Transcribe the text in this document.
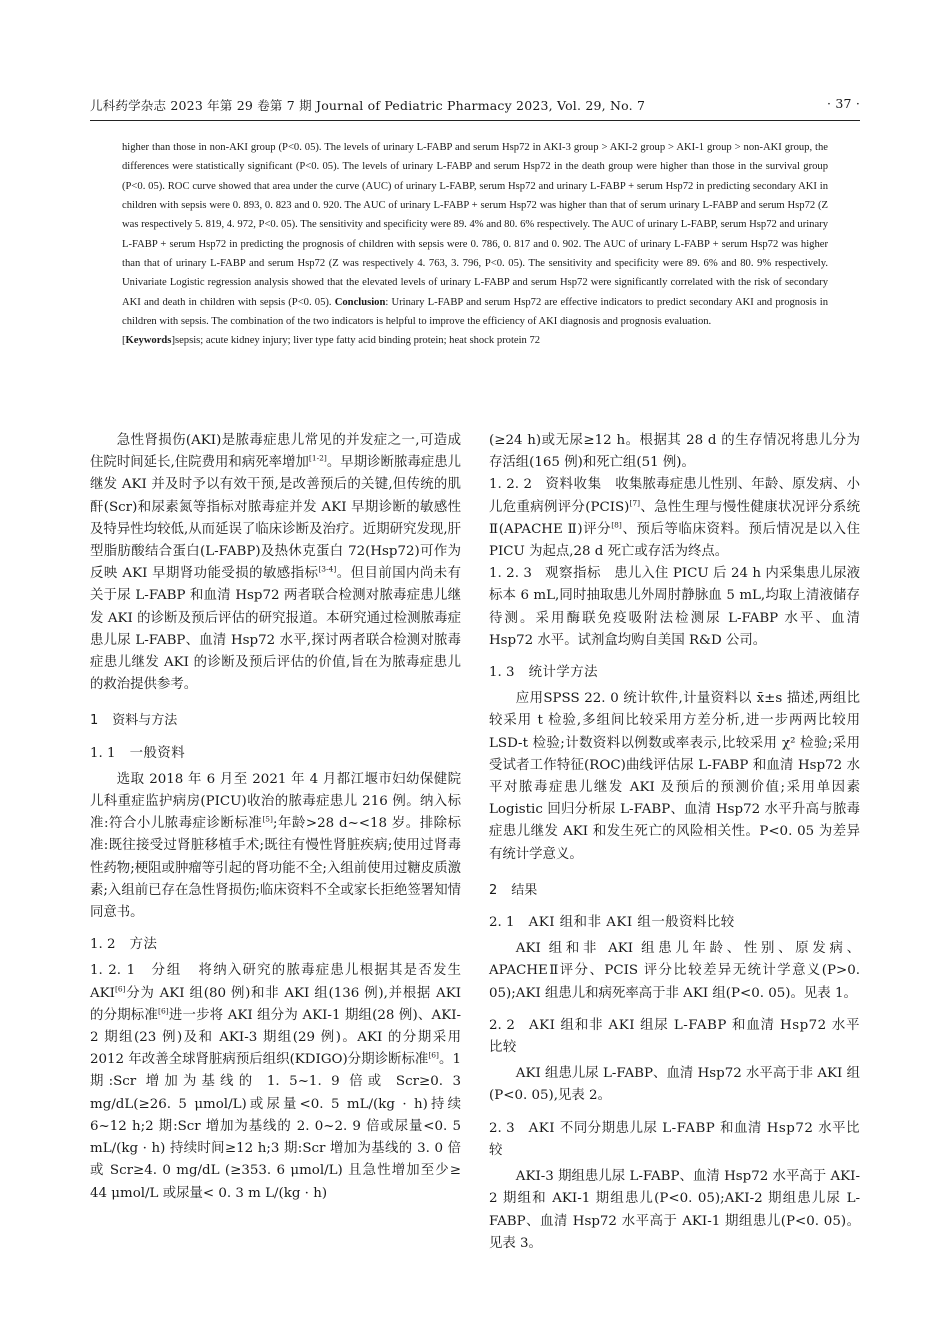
儿科药学杂志 2023 年第 29 卷第 7 期 Journal of Pediatric Pharmacy 2023, Vol. 29, No. 7	· 37 ·

higher than those in non-AKI group (P<0. 05). The levels of urinary L-FABP and serum Hsp72 in AKI-3 group > AKI-2 group > AKI-1 group > non-AKI group, the differences were statistically significant (P<0. 05). The levels of urinary L-FABP and serum Hsp72 in the death group were higher than those in the survival group (P<0. 05). ROC curve showed that area under the curve (AUC) of urinary L-FABP, serum Hsp72 and urinary L-FABP + serum Hsp72 in predicting secondary AKI in children with sepsis were 0. 893, 0. 823 and 0. 920. The AUC of urinary L-FABP + serum Hsp72 was higher than that of serum urinary L-FABP and serum Hsp72 (Z was respectively 5. 819, 4. 972, P<0. 05). The sensitivity and specificity were 89. 4% and 80. 6% respectively. The AUC of urinary L-FABP, serum Hsp72 and urinary L-FABP + serum Hsp72 in predicting the prognosis of children with sepsis were 0. 786, 0. 817 and 0. 902. The AUC of urinary L-FABP + serum Hsp72 was higher than that of urinary L-FABP and serum Hsp72 (Z was respectively 4. 763, 3. 796, P<0. 05). The sensitivity and specificity were 89. 6% and 80. 9% respectively. Univariate Logistic regression analysis showed that the elevated levels of urinary L-FABP and serum Hsp72 were significantly correlated with the risk of secondary AKI and death in children with sepsis (P<0. 05). Conclusion: Urinary L-FABP and serum Hsp72 are effective indicators to predict secondary AKI and prognosis in children with sepsis. The combination of the two indicators is helpful to improve the efficiency of AKI diagnosis and prognosis evaluation.

[Keywords]sepsis; acute kidney injury; liver type fatty acid binding protein; heat shock protein 72

急性肾损伤(AKI)是脓毒症患儿常见的并发症之一,可造成住院时间延长,住院费用和病死率增加[1-2]。早期诊断脓毒症患儿继发 AKI 并及时予以有效干预,是改善预后的关键,但传统的肌酐(Scr)和尿素氮等指标对脓毒症并发 AKI 早期诊断的敏感性及特异性均较低,从而延误了临床诊断及治疗。近期研究发现,肝型脂肪酸结合蛋白(L-FABP)及热休克蛋白 72(Hsp72)可作为反映 AKI 早期肾功能受损的敏感指标[3-4]。但目前国内尚未有关于尿 L-FABP 和血清 Hsp72 两者联合检测对脓毒症患儿继发 AKI 的诊断及预后评估的研究报道。本研究通过检测脓毒症患儿尿 L-FABP、血清 Hsp72 水平,探讨两者联合检测对脓毒症患儿继发 AKI 的诊断及预后评估的价值,旨在为脓毒症患儿的救治提供参考。

1 资料与方法

1. 1 一般资料

选取 2018 年 6 月至 2021 年 4 月都江堰市妇幼保健院儿科重症监护病房(PICU)收治的脓毒症患儿 216 例。纳入标准:符合小儿脓毒症诊断标准[5];年龄>28 d~<18 岁。排除标准:既往接受过肾脏移植手术;既往有慢性肾脏疾病;使用过肾毒性药物;梗阻或肿瘤等引起的肾功能不全;入组前使用过糖皮质激素;入组前已存在急性肾损伤;临床资料不全或家长拒绝签署知情同意书。

1. 2 方法

1. 2. 1 分组 将纳入研究的脓毒症患儿根据其是否发生 AKI[6]分为 AKI 组(80 例)和非 AKI 组(136 例),并根据 AKI 的分期标准[6]进一步将 AKI 组分为 AKI-1 期组(28 例)、AKI-2 期组(23 例)及和 AKI-3 期组(29 例)。AKI 的分期采用 2012 年改善全球肾脏病预后组织(KDIGO)分期诊断标准[6]。1 期:Scr 增加为基线的 1. 5~1. 9 倍或 Scr≥0. 3 mg/dL(≥26. 5 μmol/L)或尿量<0. 5 mL/(kg · h)持续 6~12 h;2 期:Scr 增加为基线的 2. 0~2. 9 倍或尿量<0. 5 mL/(kg · h) 持续时间≥12 h;3 期:Scr 增加为基线的 3. 0 倍或 Scr≥4. 0 mg/dL (≥353. 6 μmol/L) 且急性增加至少≥ 44 μmol/L 或尿量< 0. 3 m L/(kg · h)

(≥24 h)或无尿≥12 h。根据其 28 d 的生存情况将患儿分为存活组(165 例)和死亡组(51 例)。

1. 2. 2 资料收集 收集脓毒症患儿性别、年龄、原发病、小儿危重病例评分(PCIS)[7]、急性生理与慢性健康状况评分系统 Ⅱ(APACHE Ⅱ)评分[8]、预后等临床资料。预后情况是以入住 PICU 为起点,28 d 死亡或存活为终点。

1. 2. 3 观察指标 患儿入住 PICU 后 24 h 内采集患儿尿液标本 6 mL,同时抽取患儿外周肘静脉血 5 mL,均取上清液储存待测。采用酶联免疫吸附法检测尿 L-FABP 水平、血清 Hsp72 水平。试剂盒均购自美国 R&D 公司。

1. 3 统计学方法

应用SPSS 22. 0 统计软件,计量资料以 x̄±s 描述,两组比较采用 t 检验,多组间比较采用方差分析,进一步两两比较用 LSD-t 检验;计数资料以例数或率表示,比较采用 χ² 检验;采用受试者工作特征(ROC)曲线评估尿 L-FABP 和血清 Hsp72 水平对脓毒症患儿继发 AKI 及预后的预测价值;采用单因素 Logistic 回归分析尿 L-FABP、血清 Hsp72 水平升高与脓毒症患儿继发 AKI 和发生死亡的风险相关性。P<0. 05 为差异有统计学意义。

2 结果

2. 1 AKI 组和非 AKI 组一般资料比较

AKI 组和非 AKI 组患儿年龄、性别、原发病、APACHEⅡ评分、PCIS 评分比较差异无统计学意义(P>0. 05);AKI 组患儿和病死率高于非 AKI 组(P<0. 05)。见表 1。

2. 2 AKI 组和非 AKI 组尿 L-FABP 和血清 Hsp72 水平比较

AKI 组患儿尿 L-FABP、血清 Hsp72 水平高于非 AKI 组(P<0. 05),见表 2。

2. 3 AKI 不同分期患儿尿 L-FABP 和血清 Hsp72 水平比较

AKI-3 期组患儿尿 L-FABP、血清 Hsp72 水平高于 AKI-2 期组和 AKI-1 期组患儿(P<0. 05);AKI-2 期组患儿尿 L-FABP、血清 Hsp72 水平高于 AKI-1 期组患儿(P<0. 05)。见表 3。
